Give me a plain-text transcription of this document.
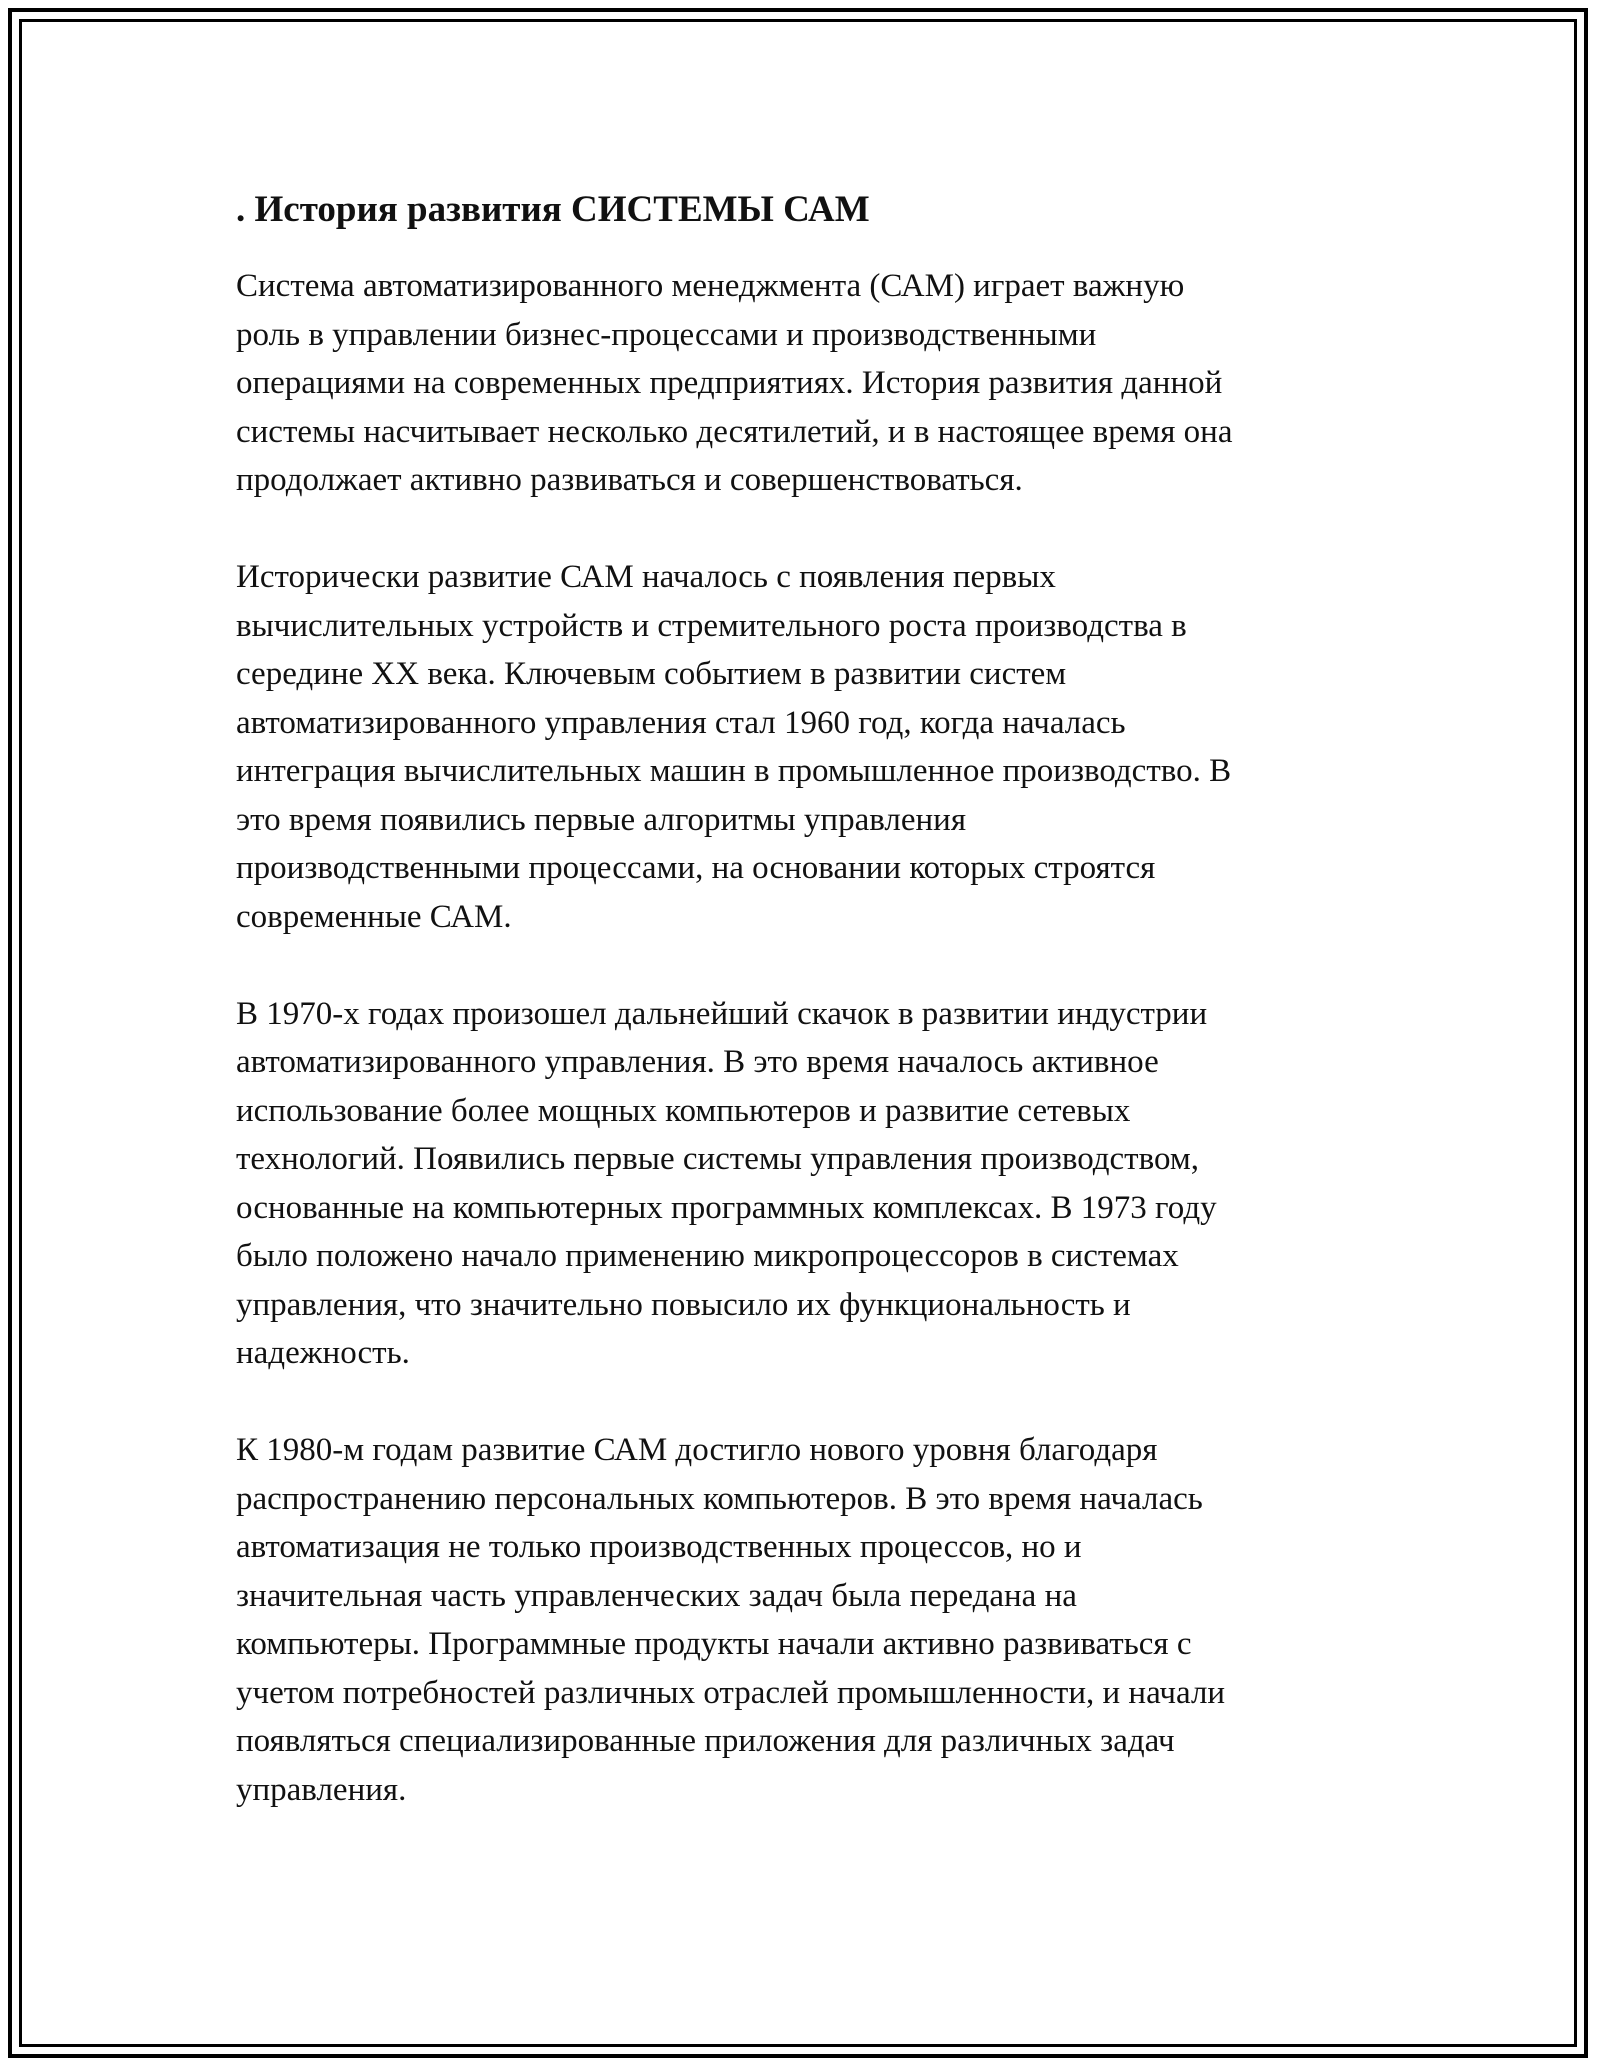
. История развития СИСТЕМЫ САМ
Система автоматизированного менеджмента (САМ) играет важную
роль в управлении бизнес-процессами и производственными
операциями на современных предприятиях. История развития данной
системы насчитывает несколько десятилетий, и в настоящее время она
продолжает активно развиваться и совершенствоваться.
Исторически развитие САМ началось с появления первых
вычислительных устройств и стремительного роста производства в
середине XX века. Ключевым событием в развитии систем
автоматизированного управления стал 1960 год, когда началась
интеграция вычислительных машин в промышленное производство. В
это время появились первые алгоритмы управления
производственными процессами, на основании которых строятся
современные САМ.
В 1970-х годах произошел дальнейший скачок в развитии индустрии
автоматизированного управления. В это время началось активное
использование более мощных компьютеров и развитие сетевых
технологий. Появились первые системы управления производством,
основанные на компьютерных программных комплексах. В 1973 году
было положено начало применению микропроцессоров в системах
управления, что значительно повысило их функциональность и
надежность.
К 1980-м годам развитие САМ достигло нового уровня благодаря
распространению персональных компьютеров. В это время началась
автоматизация не только производственных процессов, но и
значительная часть управленческих задач была передана на
компьютеры. Программные продукты начали активно развиваться с
учетом потребностей различных отраслей промышленности, и начали
появляться специализированные приложения для различных задач
управления.
